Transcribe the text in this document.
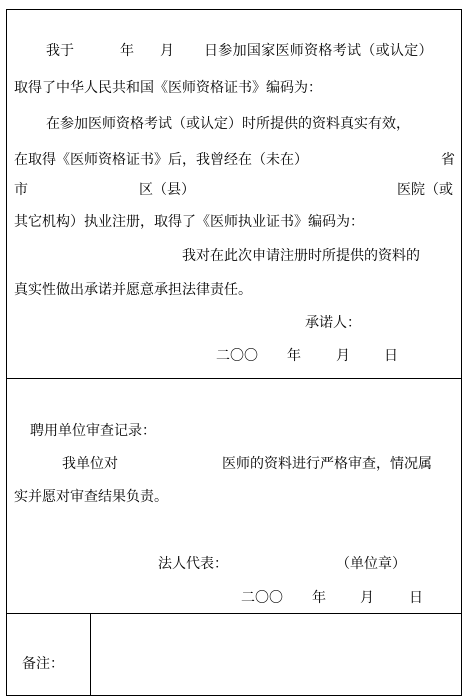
我于	年 月 日参加国家医师资格考试（或认定）
取得了中华人民共和国《医师资格证书》编码为：
在参加医师资格考试（或认定）时所提供的资料真实有效，
在取得《医师资格证书》后，我曾经在（未在）	省
市	区（县）	医院（或
其它机构）执业注册，取得了《医师执业证书》编码为：
我对在此次申请注册时所提供的资料的
真实性做出承诺并愿意承担法律责任。
承诺人：
二〇〇 年	月 日
聘用单位审查记录：
我单位对	医师的资料进行严格审查，情况属
实并愿对审查结果负责。
法人代表：	（单位章）
二〇〇 年 月	日
备注：
